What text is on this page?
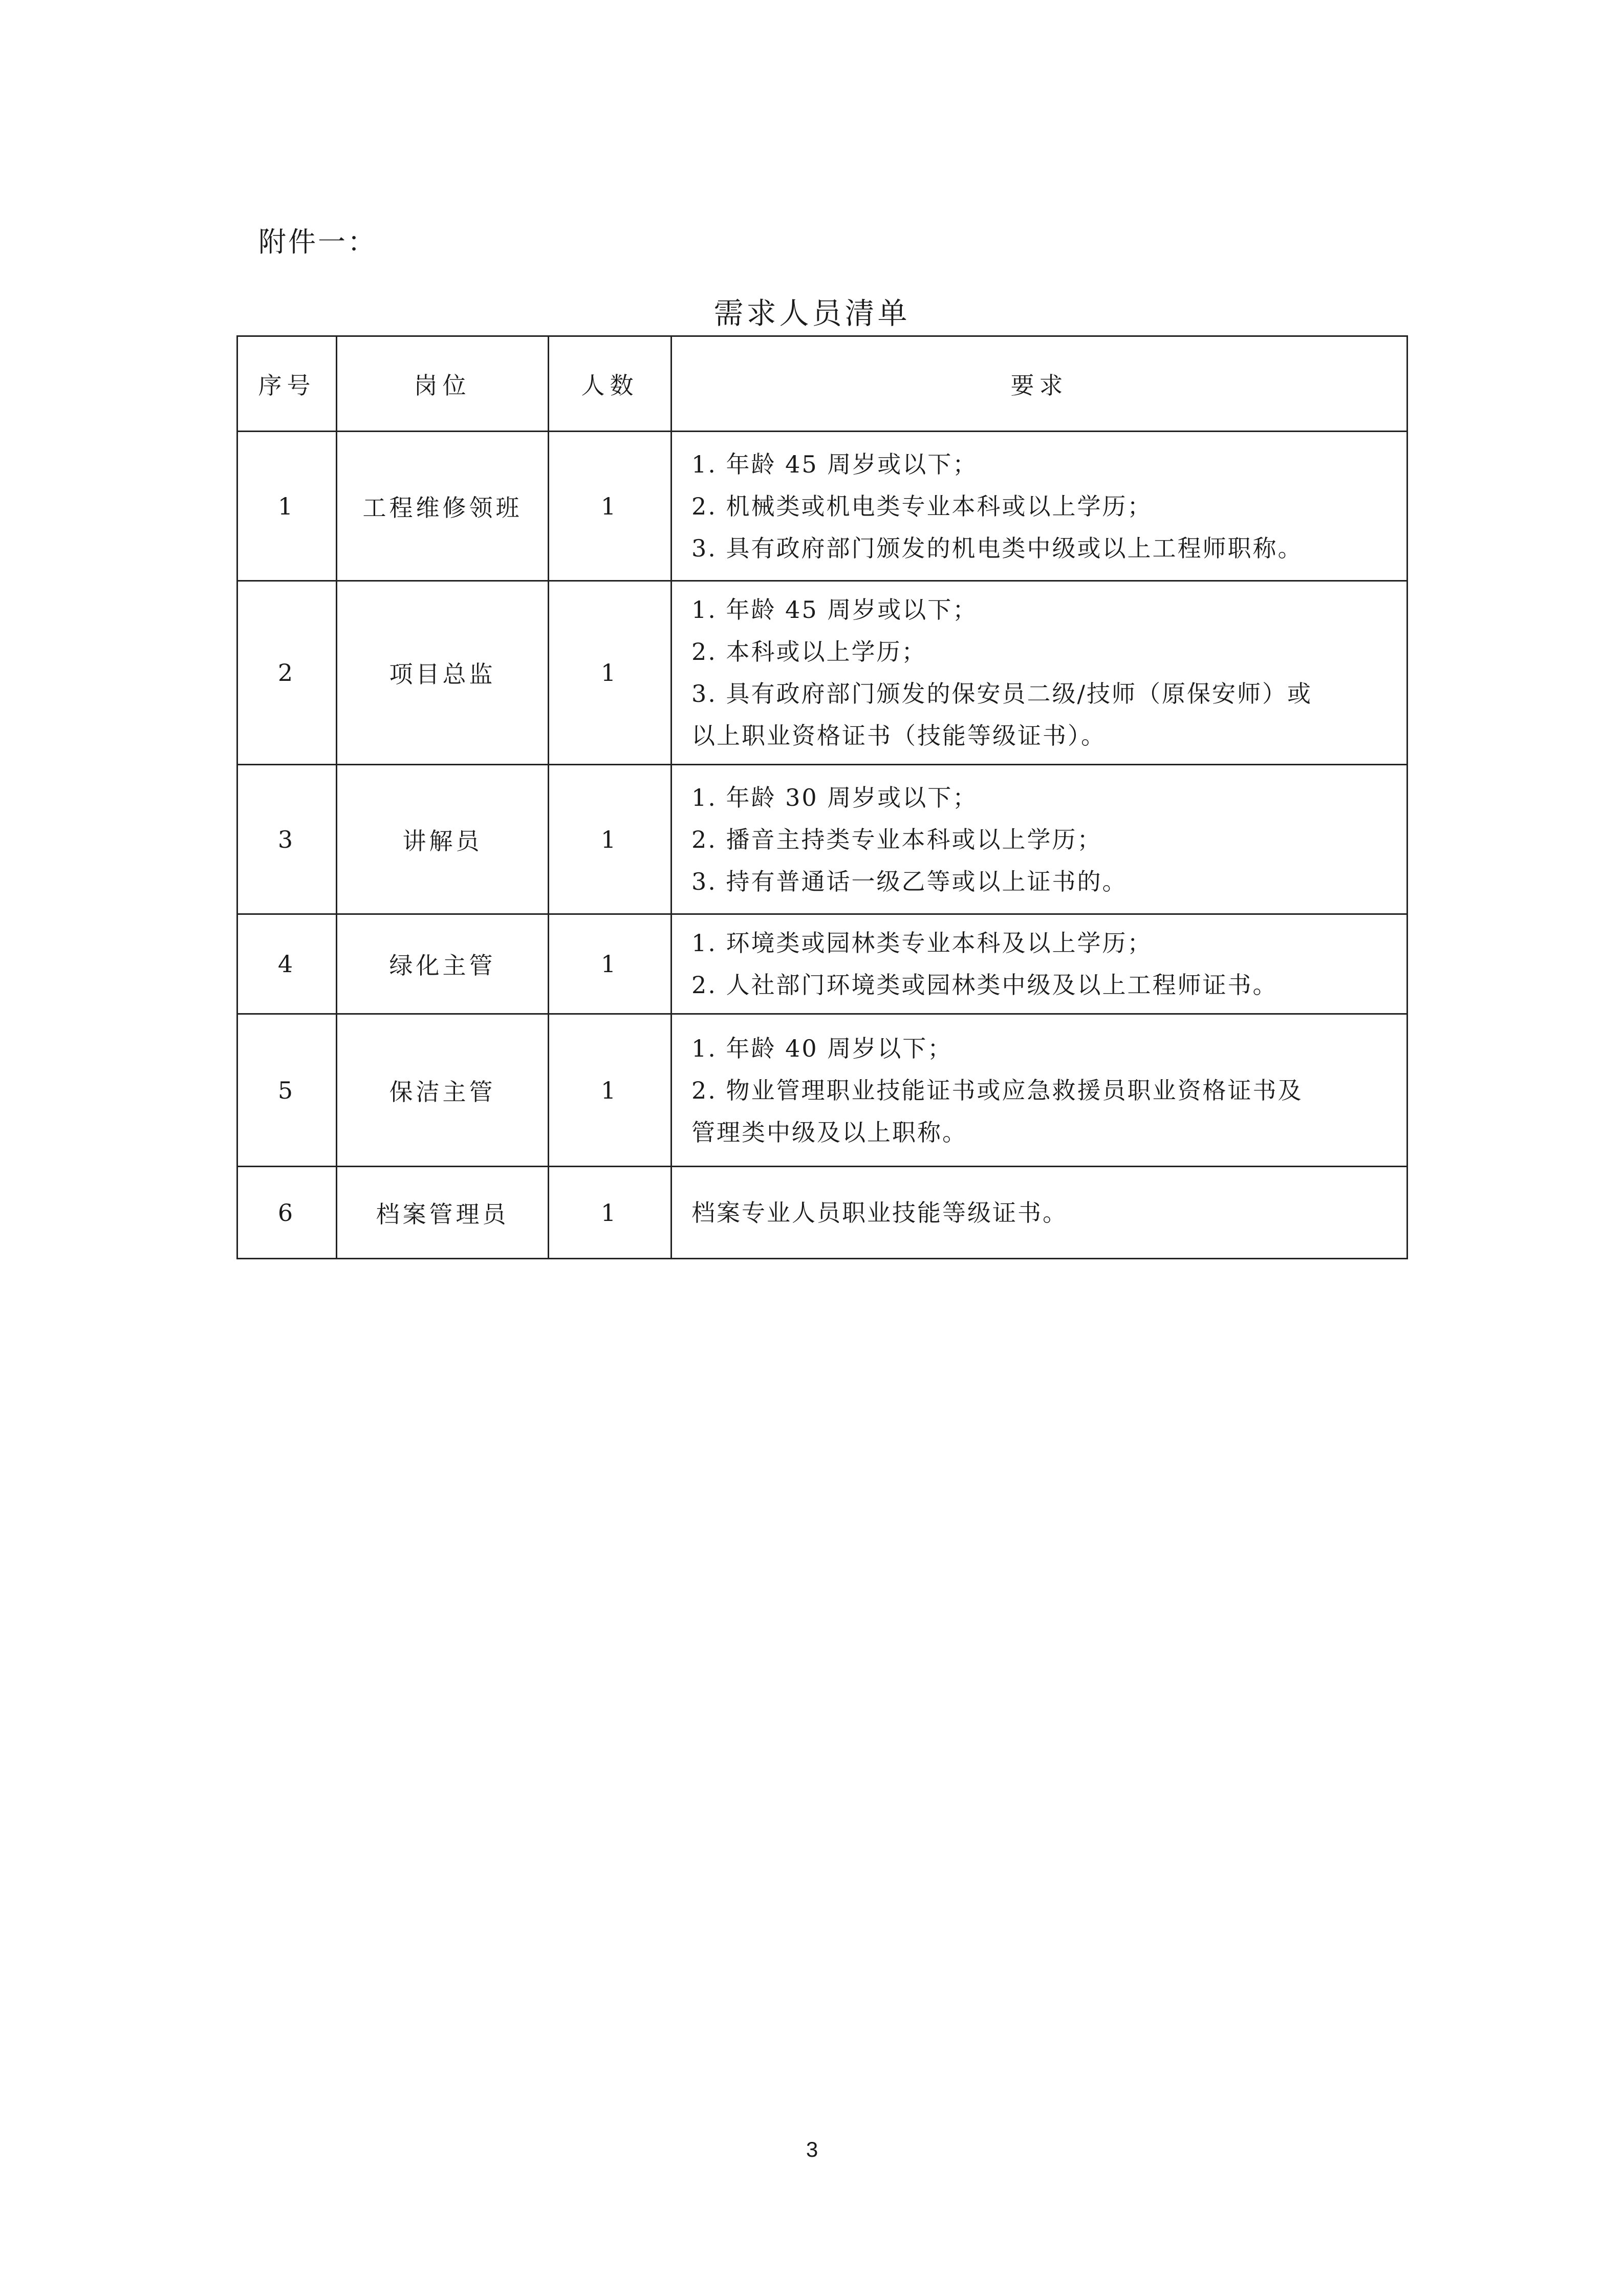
附件一：
需求人员清单
序号	岗位	人数	要求
1	工程维修领班	1	1. 年龄 45 周岁或以下；
2. 机械类或机电类专业本科或以上学历；
3. 具有政府部门颁发的机电类中级或以上工程师职称。

2	项目总监	1	1. 年龄 45 周岁或以下；
2. 本科或以上学历；
3. 具有政府部门颁发的保安员二级/技师（原保安师）或
以上职业资格证书（技能等级证书）。

3	讲解员	1	1. 年龄 30 周岁或以下；
2. 播音主持类专业本科或以上学历；
3. 持有普通话一级乙等或以上证书的。

4	绿化主管	1	1. 环境类或园林类专业本科及以上学历；
2. 人社部门环境类或园林类中级及以上工程师证书。

5	保洁主管	1	1. 年龄 40 周岁以下；
2. 物业管理职业技能证书或应急救援员职业资格证书及
管理类中级及以上职称。

6	档案管理员	1	档案专业人员职业技能等级证书。
3
